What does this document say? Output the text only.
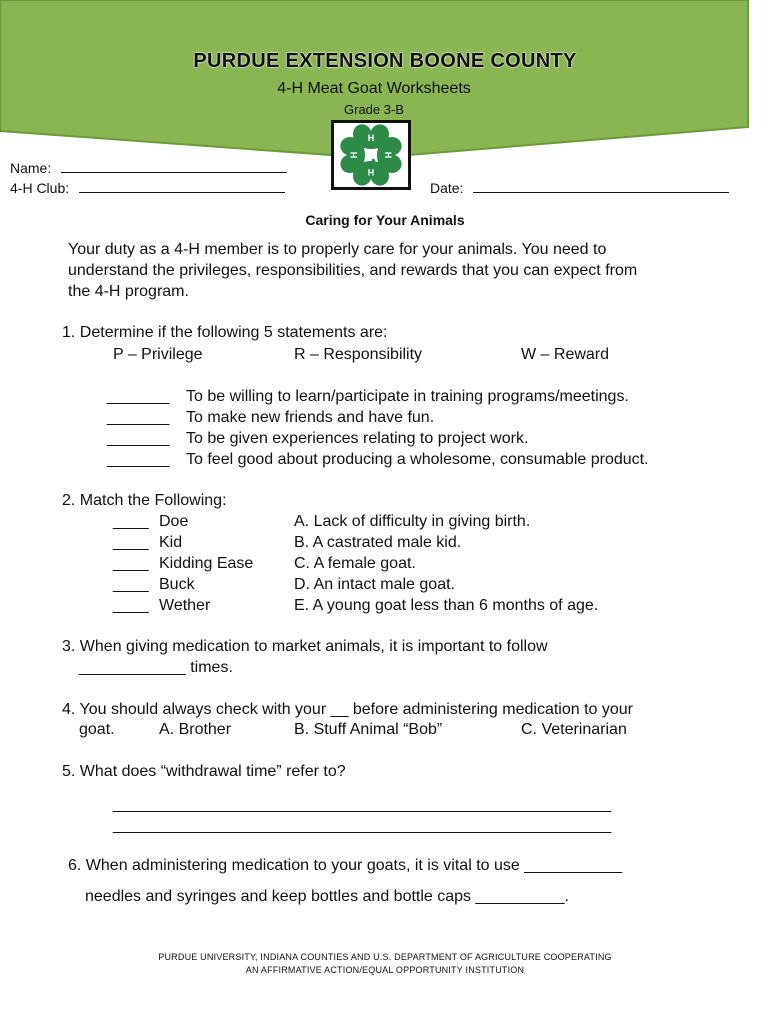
PURDUE EXTENSION BOONE COUNTY
4-H Meat Goat Worksheets
Grade 3-B
H
H
H
H
Name:
4-H Club:	Date:
Caring for Your Animals
Your duty as a 4-H member is to properly care for your animals. You need to
understand the privileges, responsibilities, and rewards that you can expect from
the 4-H program.
1. Determine if the following 5 statements are:
P – Privilege	R – Responsibility	W – Reward
_______ To be willing to learn/participate in training programs/meetings.
_______ To make new friends and have fun.
_______ To be given experiences relating to project work.
_______ To feel good about producing a wholesome, consumable product.
2. Match the Following:
____ Doe	A. Lack of difficulty in giving birth.
____ Kid	B. A castrated male kid.
____ Kidding Ease	C. A female goat.
____ Buck	D. An intact male goat.
____ Wether	E. A young goat less than 6 months of age.
3. When giving medication to market animals, it is important to follow
____________ times.
4. You should always check with your __ before administering medication to your
goat.	A. Brother	B. Stuff Animal “Bob”	C. Veterinarian
5. What does “withdrawal time” refer to?
________________________________________________________
________________________________________________________
6. When administering medication to your goats, it is vital to use ___________
needles and syringes and keep bottles and bottle caps __________.
PURDUE UNIVERSITY, INDIANA COUNTIES AND U.S. DEPARTMENT OF AGRICULTURE COOPERATING
AN AFFIRMATIVE ACTION/EQUAL OPPORTUNITY INSTITUTION
